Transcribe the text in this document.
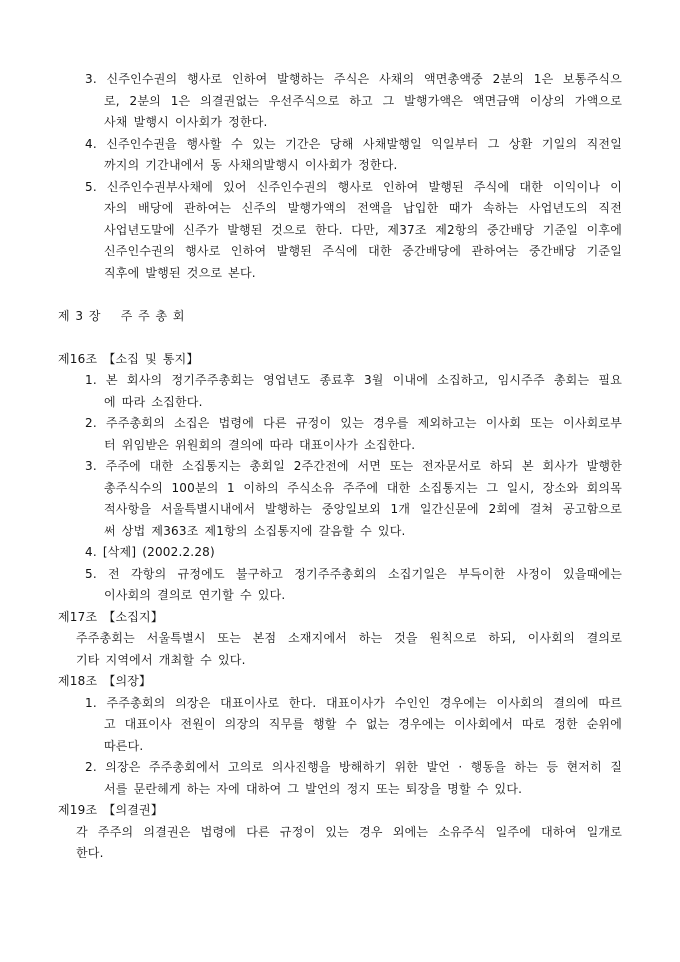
3. 신주인수권의 행사로 인하여 발행하는 주식은 사채의 액면총액중 2분의 1은 보통주식으
로, 2분의 1은 의결권없는 우선주식으로 하고 그 발행가액은 액면금액 이상의 가액으로
사채 발행시 이사회가 정한다.
4. 신주인수권을 행사할 수 있는 기간은 당해 사채발행일 익일부터 그 상환 기일의 직전일
까지의 기간내에서 동 사채의발행시 이사회가 정한다.
5. 신주인수권부사채에 있어 신주인수권의 행사로 인하여 발행된 주식에 대한 이익이나 이
자의 배당에 관하여는 신주의 발행가액의 전액을 납입한 때가 속하는 사업년도의 직전
사업년도말에 신주가 발행된 것으로 한다. 다만, 제37조 제2항의 중간배당 기준일 이후에
신주인수권의 행사로 인하여 발행된 주식에 대한 중간배당에 관하여는 중간배당 기준일
직후에 발행된 것으로 본다.
제 3 장    주 주 총 회
제16조 【소집 및 통지】
1. 본 회사의 정기주주총회는 영업년도 종료후 3월 이내에 소집하고, 임시주주 총회는 필요
에 따라 소집한다.
2. 주주총회의 소집은 법령에 다른 규정이 있는 경우를 제외하고는 이사회 또는 이사회로부
터 위임받은 위원회의 결의에 따라 대표이사가 소집한다.
3. 주주에 대한 소집통지는 총회일 2주간전에 서면 또는 전자문서로 하되 본 회사가 발행한
총주식수의 100분의 1 이하의 주식소유 주주에 대한 소집통지는 그 일시, 장소와 회의목
적사항을 서울특별시내에서 발행하는 중앙일보외 1개 일간신문에 2회에 걸쳐 공고함으로
써 상법 제363조 제1항의 소집통지에 갈음할 수 있다.
4. [삭제] (2002.2.28)
5. 전 각항의 규정에도 불구하고 정기주주총회의 소집기일은 부득이한 사정이 있을때에는
이사회의 결의로 연기할 수 있다.
제17조 【소집지】
주주총회는 서울특별시 또는 본점 소재지에서 하는 것을 원칙으로 하되, 이사회의 결의로
기타 지역에서 개최할 수 있다.
제18조 【의장】
1. 주주총회의 의장은 대표이사로 한다. 대표이사가 수인인 경우에는 이사회의 결의에 따르
고 대표이사 전원이 의장의 직무를 행할 수 없는 경우에는 이사회에서 따로 정한 순위에
따른다.
2. 의장은 주주총회에서 고의로 의사진행을 방해하기 위한 발언 · 행동을 하는 등 현저히 질
서를 문란헤게 하는 자에 대하여 그 발언의 정지 또는 퇴장을 명할 수 있다.
제19조 【의결권】
각 주주의 의결권은 법령에 다른 규정이 있는 경우 외에는 소유주식 일주에 대하여 일개로
한다.
